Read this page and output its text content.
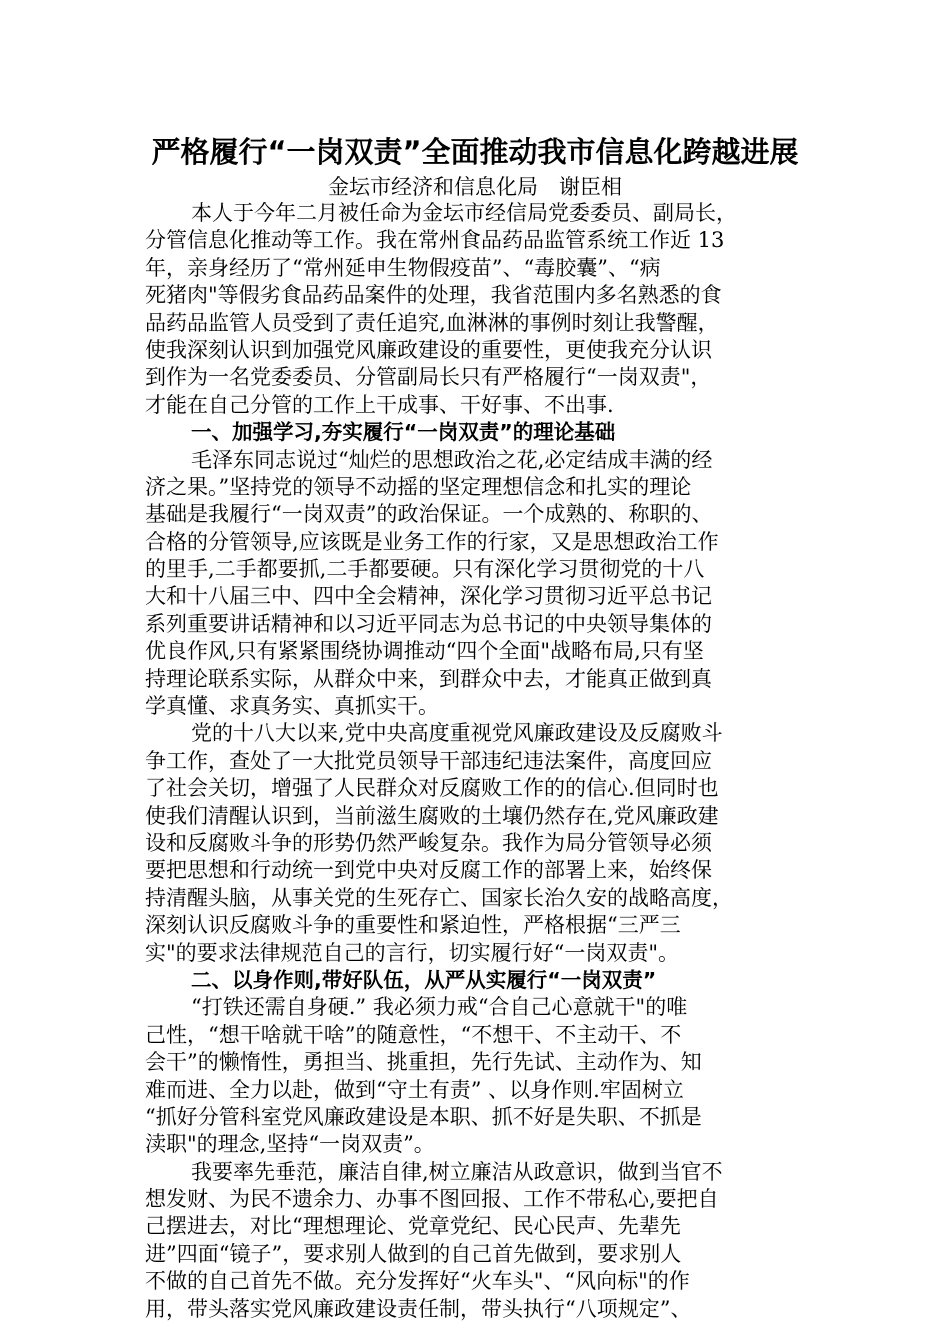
严格履行“一岗双责”全面推动我市信息化跨越进展
金坛市经济和信息化局　谢臣相
本人于今年二月被任命为金坛市经信局党委委员、副局长，
分管信息化推动等工作。我在常州食品药品监管系统工作近 13
年，亲身经历了“常州延申生物假疫苗”、“毒胶囊”、“病
死猪肉"等假劣食品药品案件的处理，我省范围内多名熟悉的食
品药品监管人员受到了责任追究,血淋淋的事例时刻让我警醒，
使我深刻认识到加强党风廉政建设的重要性，更使我充分认识
到作为一名党委委员、分管副局长只有严格履行“一岗双责"，
才能在自己分管的工作上干成事、干好事、不出事.
一、加强学习,夯实履行“一岗双责”的理论基础
毛泽东同志说过“灿烂的思想政治之花,必定结成丰满的经
济之果。”坚持党的领导不动摇的坚定理想信念和扎实的理论
基础是我履行“一岗双责”的政治保证。一个成熟的、称职的、
合格的分管领导,应该既是业务工作的行家，又是思想政治工作
的里手,二手都要抓,二手都要硬。只有深化学习贯彻党的十八
大和十八届三中、四中全会精神，深化学习贯彻习近平总书记
系列重要讲话精神和以习近平同志为总书记的中央领导集体的
优良作风,只有紧紧围绕协调推动“四个全面"战略布局,只有坚
持理论联系实际，从群众中来，到群众中去，才能真正做到真
学真懂、求真务实、真抓实干。
党的十八大以来,党中央高度重视党风廉政建设及反腐败斗
争工作，查处了一大批党员领导干部违纪违法案件，高度回应
了社会关切，增强了人民群众对反腐败工作的的信心.但同时也
使我们清醒认识到，当前滋生腐败的土壤仍然存在,党风廉政建
设和反腐败斗争的形势仍然严峻复杂。我作为局分管领导必须
要把思想和行动统一到党中央对反腐工作的部署上来，始终保
持清醒头脑，从事关党的生死存亡、国家长治久安的战略高度，
深刻认识反腐败斗争的重要性和紧迫性，严格根据“三严三
实"的要求法律规范自己的言行，切实履行好“一岗双责"。
二、以身作则,带好队伍，从严从实履行“一岗双责”
“打铁还需自身硬.” 我必须力戒“合自己心意就干"的唯
己性，“想干啥就干啥”的随意性，“不想干、不主动干、不
会干”的懒惰性，勇担当、挑重担，先行先试、主动作为、知
难而进、全力以赴，做到“守土有责” 、以身作则.牢固树立
“抓好分管科室党风廉政建设是本职、抓不好是失职、不抓是
渎职"的理念,坚持“一岗双责”。
我要率先垂范，廉洁自律,树立廉洁从政意识，做到当官不
想发财、为民不遗余力、办事不图回报、工作不带私心,要把自
己摆进去，对比“理想理论、党章党纪、民心民声、先辈先
进”四面“镜子”，要求别人做到的自己首先做到，要求别人
不做的自己首先不做。充分发挥好“火车头"、“风向标"的作
用，带头落实党风廉政建设责任制，带头执行“八项规定”、
